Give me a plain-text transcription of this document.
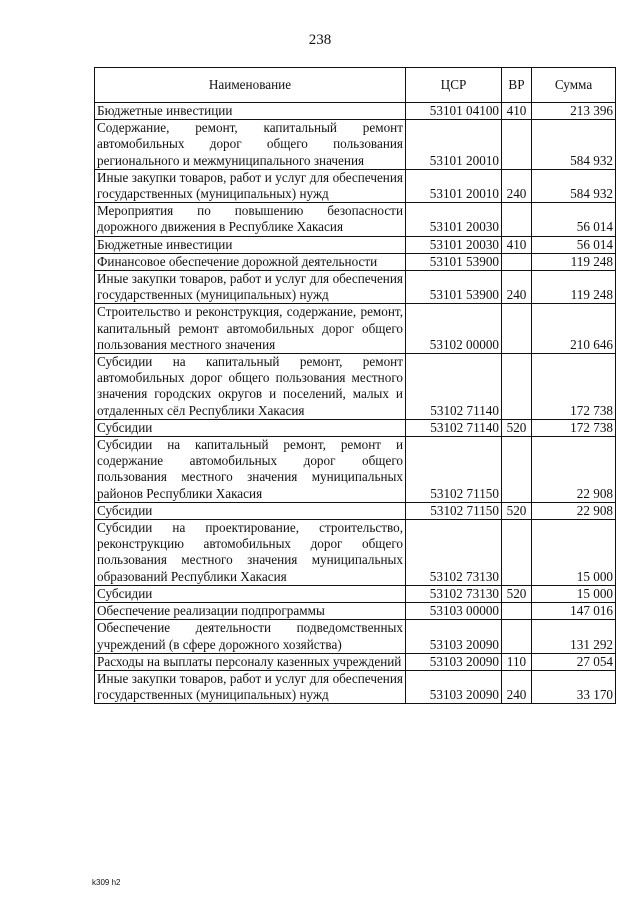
238
Наименование	ЦСР	ВР	Сумма
Бюджетные инвестиции	53101 04100	410	213 396
Содержание, ремонт, капитальный ремонт автомобильных дорог общего пользования регионального и межмуниципального значения	53101 20010		584 932
Иные закупки товаров, работ и услуг для обеспечения государственных (муниципальных) нужд	53101 20010	240	584 932
Мероприятия по повышению безопасности дорожного движения в Республике Хакасия	53101 20030		56 014
Бюджетные инвестиции	53101 20030	410	56 014
Финансовое обеспечение дорожной деятельности	53101 53900		119 248
Иные закупки товаров, работ и услуг для обеспечения государственных (муниципальных) нужд	53101 53900	240	119 248
Строительство и реконструкция, содержание, ремонт, капитальный ремонт автомобильных дорог общего пользования местного значения	53102 00000		210 646
Субсидии на капитальный ремонт, ремонт автомобильных дорог общего пользования местного значения городских округов и поселений, малых и отдаленных сёл Республики Хакасия	53102 71140		172 738
Субсидии	53102 71140	520	172 738
Субсидии на капитальный ремонт, ремонт и содержание автомобильных дорог общего пользования местного значения муниципальных районов Республики Хакасия	53102 71150		22 908
Субсидии	53102 71150	520	22 908
Субсидии на проектирование, строительство, реконструкцию автомобильных дорог общего пользования местного значения муниципальных образований Республики Хакасия	53102 73130		15 000
Субсидии	53102 73130	520	15 000
Обеспечение реализации подпрограммы	53103 00000		147 016
Обеспечение деятельности подведомственных учреждений (в сфере дорожного хозяйства)	53103 20090		131 292
Расходы на выплаты персоналу казенных учреждений	53103 20090	110	27 054
Иные закупки товаров, работ и услуг для обеспечения государственных (муниципальных) нужд	53103 20090	240	33 170
k309 h2
